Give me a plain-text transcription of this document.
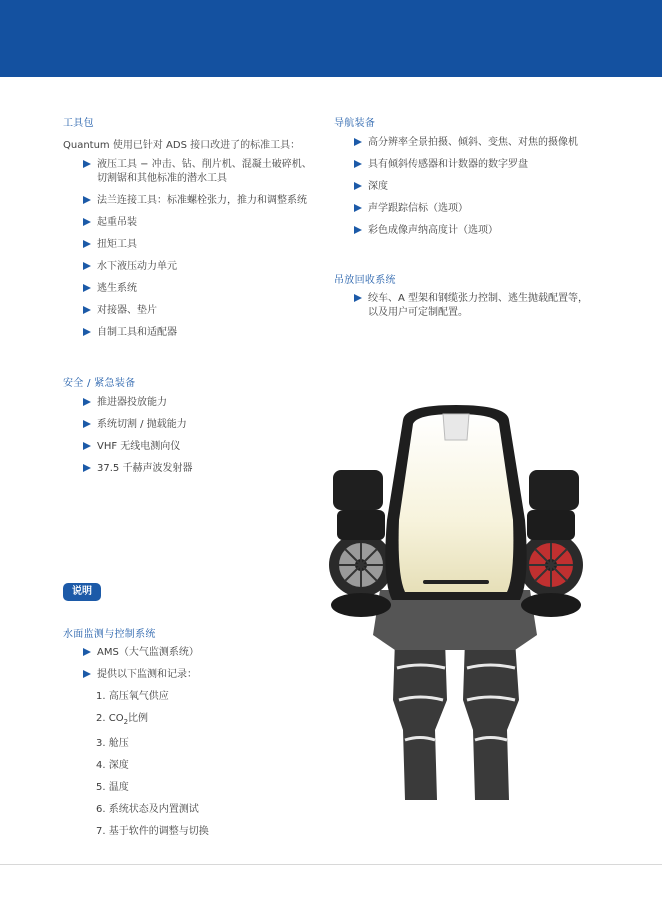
工具包
Quantum 使用已针对 ADS 接口改进了的标准工具：
液压工具 − 冲击、钻、削片机、混凝土破碎机、
切割锯和其他标准的潜水工具
法兰连接工具：标准螺栓张力，推力和调整系统
起重吊装
扭矩工具
水下液压动力单元
逃生系统
对接器、垫片
自制工具和适配器
导航装备
高分辨率全景拍摄、倾斜、变焦、对焦的摄像机
具有倾斜传感器和计数器的数字罗盘
深度
声学跟踪信标（选项）
彩色成像声纳高度计（选项）
吊放回收系统
绞车、A 型架和钢缆张力控制、逃生抛载配置等，
以及用户可定制配置。
安全 / 紧急装备
推进器投放能力
系统切割 / 抛载能力
VHF 无线电测向仪
37.5 千赫声波发射器
说明
水面监测与控制系统
AMS（大气监测系统）
提供以下监测和记录：
1. 高压氧气供应
2. $CO_2$比例
3. 舱压
4. 深度
5. 温度
6. 系统状态及内置测试
7. 基于软件的调整与切换
